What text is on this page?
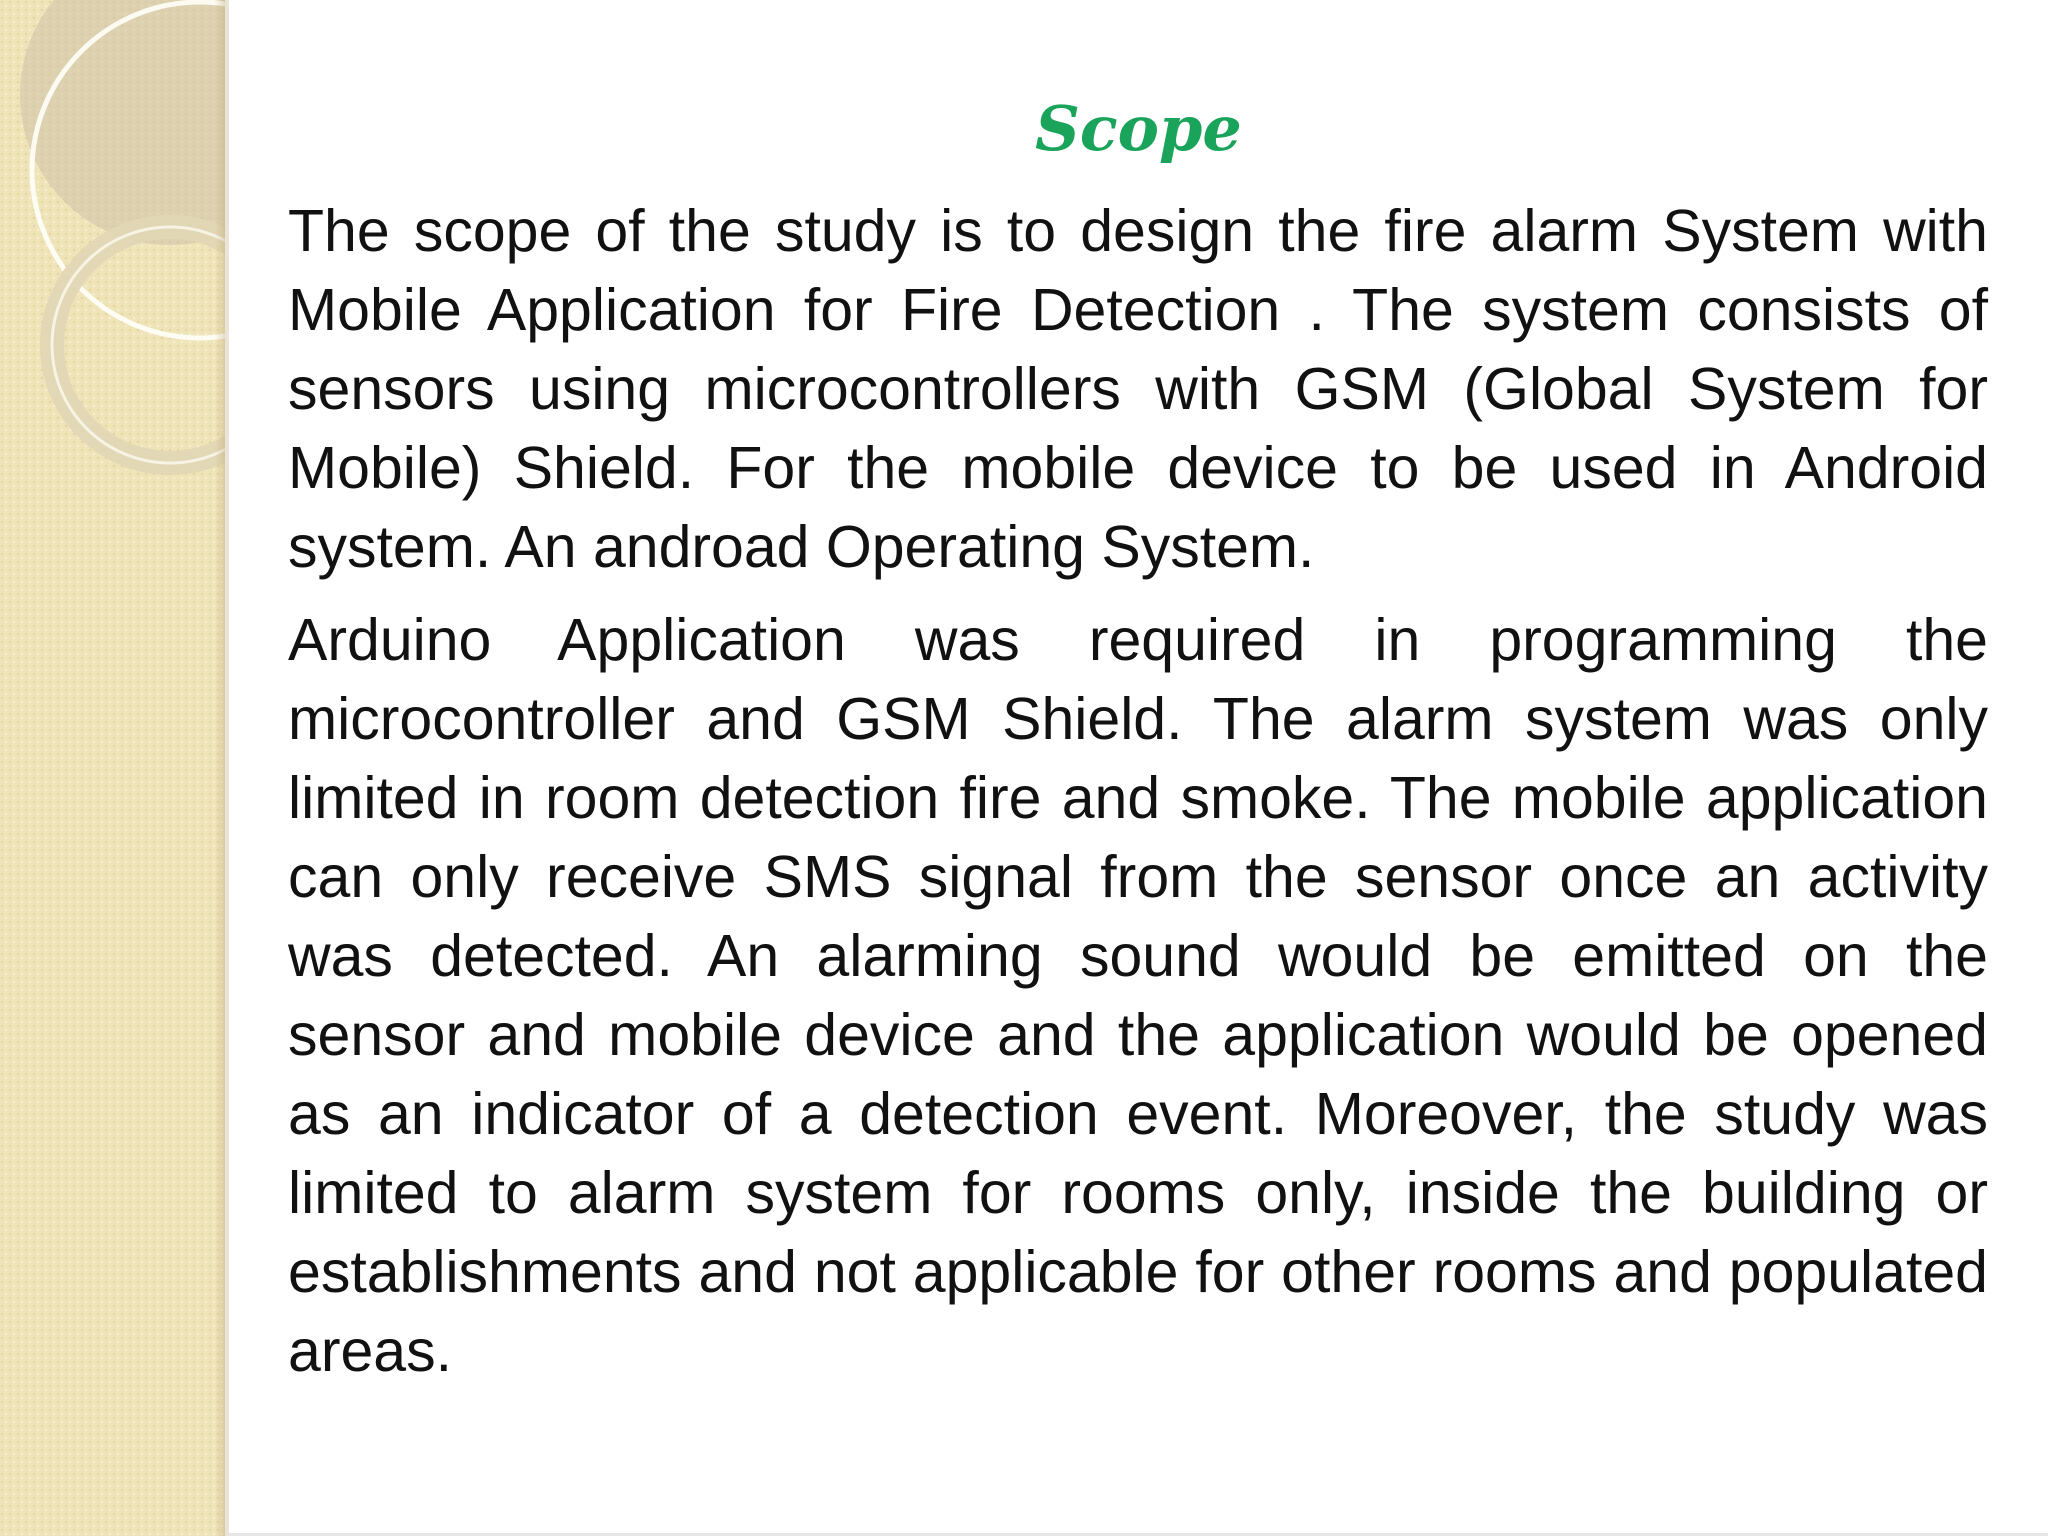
Scope

The scope of the study is to design the fire alarm System with Mobile Application for Fire Detection . The system consists of sensors using microcontrollers with GSM (Global System for Mobile) Shield. For the mobile device to be used in Android system. An androad Operating System.

Arduino Application was required in programming the microcontroller and GSM Shield. The alarm system was only limited in room detection fire and smoke. The mobile application can only receive SMS signal from the sensor once an activity was detected. An alarming sound would be emitted on the sensor and mobile device and the application would be opened as an indicator of a detection event. Moreover, the study was limited to alarm system for rooms only, inside the building or establishments and not applicable for other rooms and populated areas.
